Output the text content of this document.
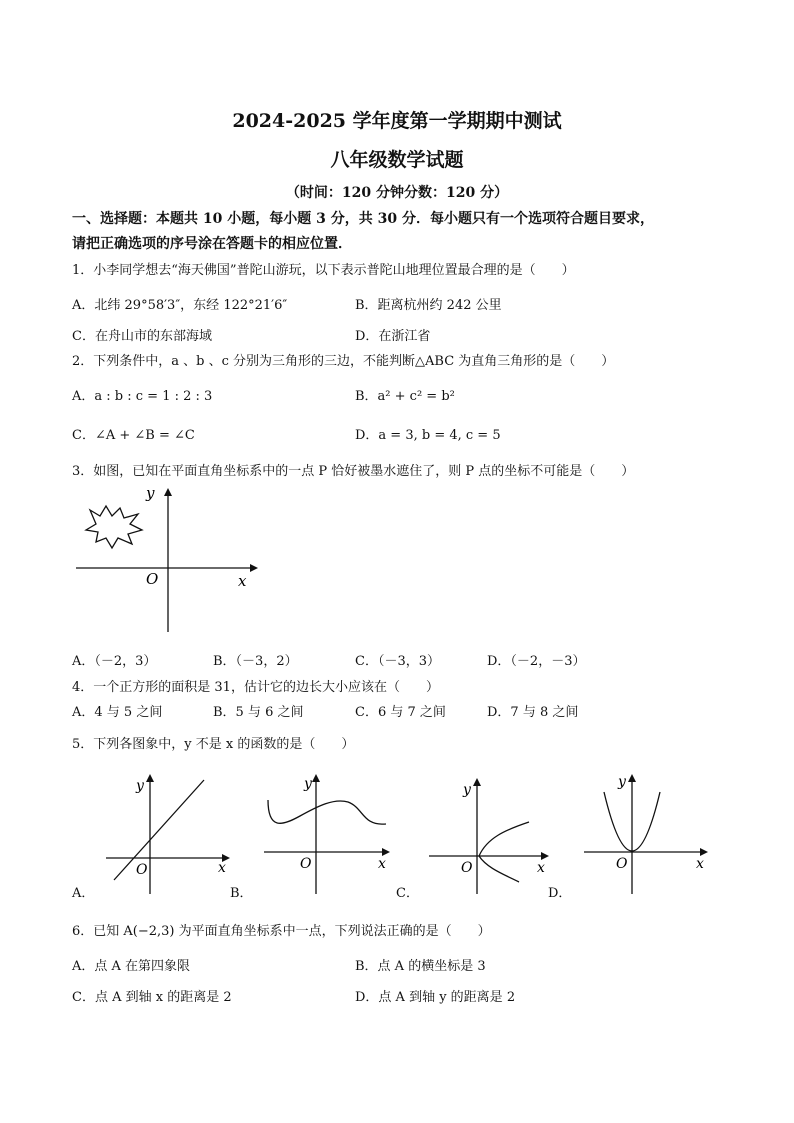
2024-2025 学年度第一学期期中测试
八年级数学试题
（时间：120 分钟分数：120 分）
一、选择题：本题共 10 小题，每小题 3 分，共 30 分．每小题只有一个选项符合题目要求，
请把正确选项的序号涂在答题卡的相应位置．
1．小李同学想去“海天佛国”普陀山游玩，以下表示普陀山地理位置最合理的是（　　）
A．北纬 29°58′3″，东经 122°21′6″	B．距离杭州约 242 公里
C．在舟山市的东部海域	D．在浙江省
2．下列条件中，a 、b 、c 分别为三角形的三边，不能判断△ABC 为直角三角形的是（　　）
A．a : b : c = 1 : 2 : 3	B．a² + c² = b²
C．∠A + ∠B = ∠C	D．a = 3, b = 4, c = 5
3．如图，已知在平面直角坐标系中的一点 P 恰好被墨水遮住了，则 P 点的坐标不可能是（　　）
y
x
O
A．（－2，3）	B．（－3，2）	C．（－3，3）	D．（－2，－3）
4．一个正方形的面积是 31，估计它的边长大小应该在（　　）
A．4 与 5 之间	B．5 与 6 之间	C．6 与 7 之间	D．7 与 8 之间
5．下列各图象中，y 不是 x 的函数的是（　　）
y
x
O
A．
y
x
O
B．
y
x
O
C．
y
x
O
D．
6．已知 A(−2,3) 为平面直角坐标系中一点，下列说法正确的是（　　）
A．点 A 在第四象限	B．点 A 的横坐标是 3
C．点 A 到轴 x 的距离是 2	D．点 A 到轴 y 的距离是 2
